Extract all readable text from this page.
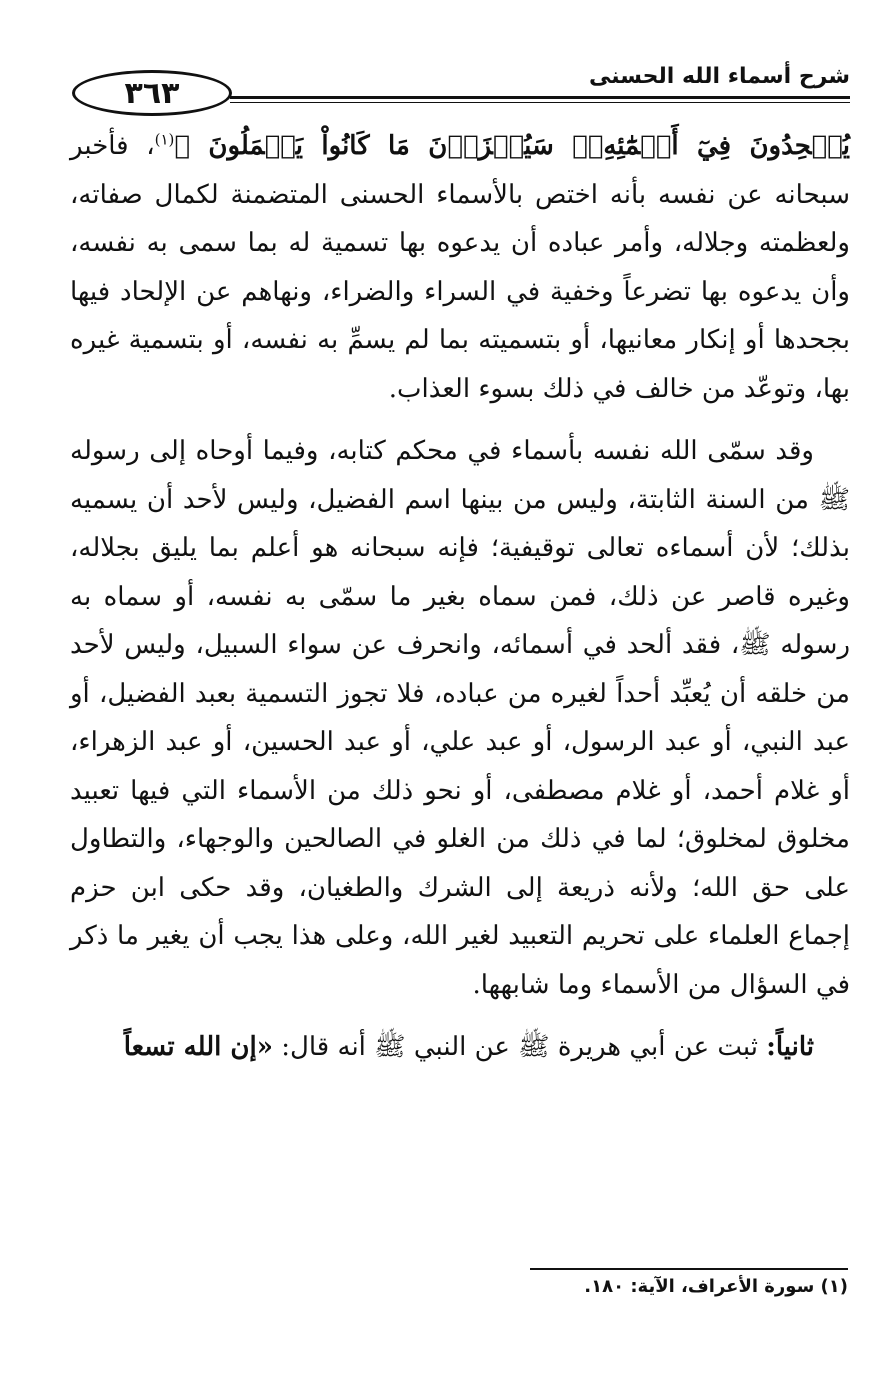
٣٦٣	شرح أسماء الله الحسنى

يُلۡحِدُونَ فِيٓ أَسۡمَٰٓئِهِۦۚ سَيُجۡزَوۡنَ مَا كَانُواْ يَعۡمَلُونَ ﴾$^{(١)}$، فأخبر سبحانه عن نفسه بأنه اختص بالأسماء الحسنى المتضمنة لكمال صفاته، ولعظمته وجلاله، وأمر عباده أن يدعوه بها تسمية له بما سمى به نفسه، وأن يدعوه بها تضرعاً وخفية في السراء والضراء، ونهاهم عن الإلحاد فيها بجحدها أو إنكار معانيها، أو بتسميته بما لم يسمِّ به نفسه، أو بتسمية غيره بها، وتوعّد من خالف في ذلك بسوء العذاب.

وقد سمّى الله نفسه بأسماء في محكم كتابه، وفيما أوحاه إلى رسوله ﷺ من السنة الثابتة، وليس من بينها اسم الفضيل، وليس لأحد أن يسميه بذلك؛ لأن أسماءه تعالى توقيفية؛ فإنه سبحانه هو أعلم بما يليق بجلاله، وغيره قاصر عن ذلك، فمن سماه بغير ما سمّى به نفسه، أو سماه به رسوله ﷺ، فقد ألحد في أسمائه، وانحرف عن سواء السبيل، وليس لأحد من خلقه أن يُعبِّد أحداً لغيره من عباده، فلا تجوز التسمية بعبد الفضيل، أو عبد النبي، أو عبد الرسول، أو عبد علي، أو عبد الحسين، أو عبد الزهراء، أو غلام أحمد، أو غلام مصطفى، أو نحو ذلك من الأسماء التي فيها تعبيد مخلوق لمخلوق؛ لما في ذلك من الغلو في الصالحين والوجهاء، والتطاول على حق الله؛ ولأنه ذريعة إلى الشرك والطغيان، وقد حكى ابن حزم إجماع العلماء على تحريم التعبيد لغير الله، وعلى هذا يجب أن يغير ما ذكر في السؤال من الأسماء وما شابهها.

ثانياً: ثبت عن أبي هريرة ﷺ عن النبي ﷺ أنه قال: «إن الله تسعاً

(١) سورة الأعراف، الآية: ١٨٠.
